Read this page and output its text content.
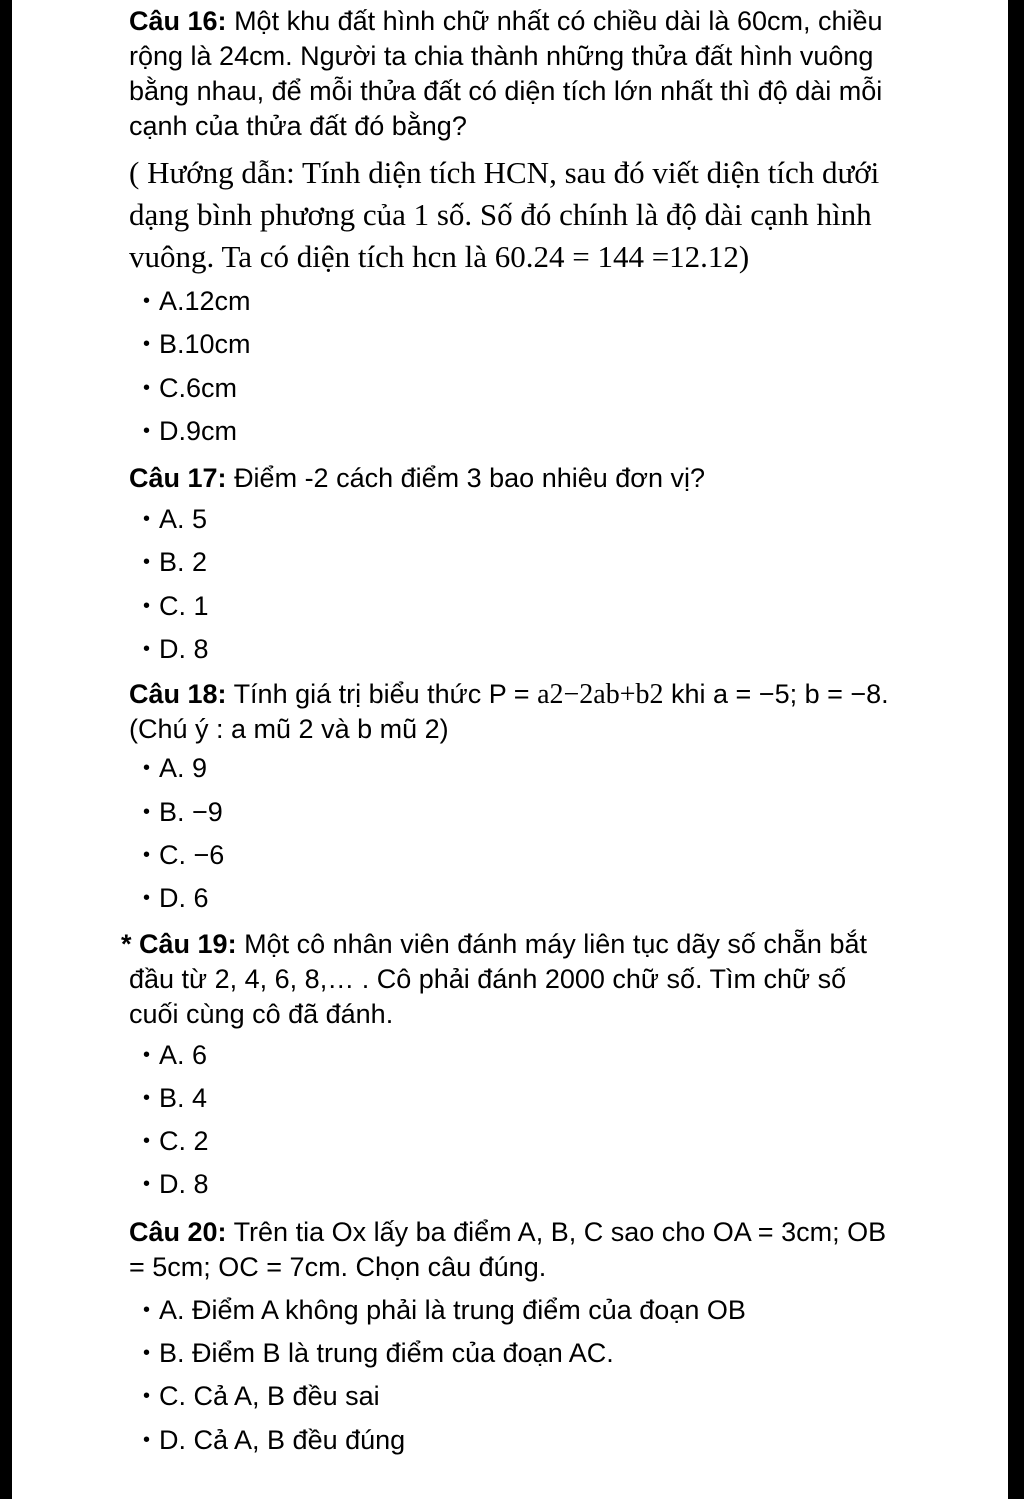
Câu 16: Một khu đất hình chữ nhất có chiều dài là 60cm, chiều rộng là 24cm. Người ta chia thành những thửa đất hình vuông bằng nhau, để mỗi thửa đất có diện tích lớn nhất thì độ dài mỗi cạnh của thửa đất đó bằng?

( Hướng dẫn: Tính diện tích HCN, sau đó viết diện tích dưới dạng bình phương của 1 số. Số đó chính là độ dài cạnh hình vuông. Ta có diện tích hcn là 60.24 = 144 =12.12)

• A.12cm
• B.10cm
• C.6cm
• D.9cm

Câu 17: Điểm -2 cách điểm 3 bao nhiêu đơn vị?

• A. 5
• B. 2
• C. 1
• D. 8

Câu 18: Tính giá trị biểu thức P = a2−2ab+b2 khi a = −5; b = −8. (Chú ý : a mũ 2 và b mũ 2)

• A. 9
• B. −9
• C. −6
• D. 6

* Câu 19: Một cô nhân viên đánh máy liên tục dãy số chẵn bắt đầu từ 2, 4, 6, 8,… . Cô phải đánh 2000 chữ số. Tìm chữ số cuối cùng cô đã đánh.

• A. 6
• B. 4
• C. 2
• D. 8

Câu 20: Trên tia Ox lấy ba điểm A, B, C sao cho OA = 3cm; OB = 5cm; OC = 7cm. Chọn câu đúng.

• A. Điểm A không phải là trung điểm của đoạn OB
• B. Điểm B là trung điểm của đoạn AC.
• C. Cả A, B đều sai
• D. Cả A, B đều đúng
